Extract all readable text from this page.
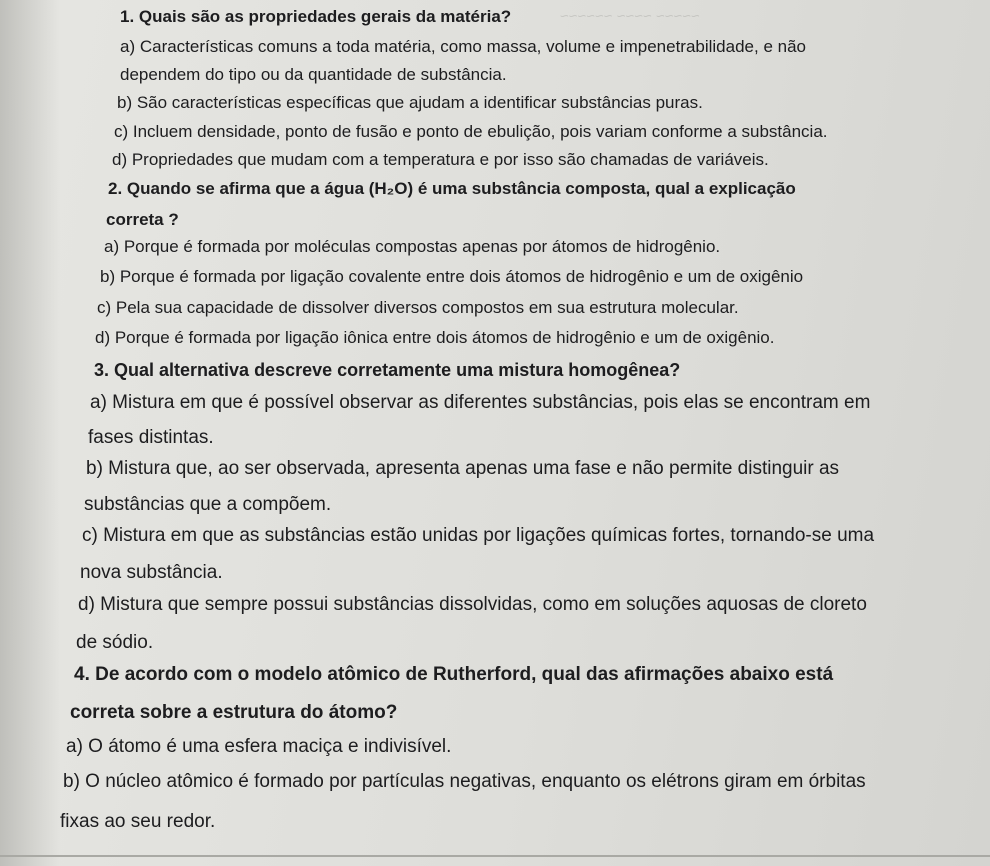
~~~~~ ~~~~ ~~~~~~
1. Quais são as propriedades gerais da matéria?
a) Características comuns a toda matéria, como massa, volume e impenetrabilidade, e não
dependem do tipo ou da quantidade de substância.
b) São características específicas que ajudam a identificar substâncias puras.
c) Incluem densidade, ponto de fusão e ponto de ebulição, pois variam conforme a substância.
d) Propriedades que mudam com a temperatura e por isso são chamadas de variáveis.
2. Quando se afirma que a água (H₂O) é uma substância composta, qual a explicação
correta ?
a) Porque é formada por moléculas compostas apenas por átomos de hidrogênio.
b) Porque é formada por ligação covalente entre dois átomos de hidrogênio e um de oxigênio
c) Pela sua capacidade de dissolver diversos compostos em sua estrutura molecular.
d) Porque é formada por ligação iônica entre dois átomos de hidrogênio e um de oxigênio.
3. Qual alternativa descreve corretamente uma mistura homogênea?
a) Mistura em que é possível observar as diferentes substâncias, pois elas se encontram em
fases distintas.
b) Mistura que, ao ser observada, apresenta apenas uma fase e não permite distinguir as
substâncias que a compõem.
c) Mistura em que as substâncias estão unidas por ligações químicas fortes, tornando-se uma
nova substância.
d) Mistura que sempre possui substâncias dissolvidas, como em soluções aquosas de cloreto
de sódio.
4. De acordo com o modelo atômico de Rutherford, qual das afirmações abaixo está
correta sobre a estrutura do átomo?
a) O átomo é uma esfera maciça e indivisível.
b) O núcleo atômico é formado por partículas negativas, enquanto os elétrons giram em órbitas
fixas ao seu redor.
